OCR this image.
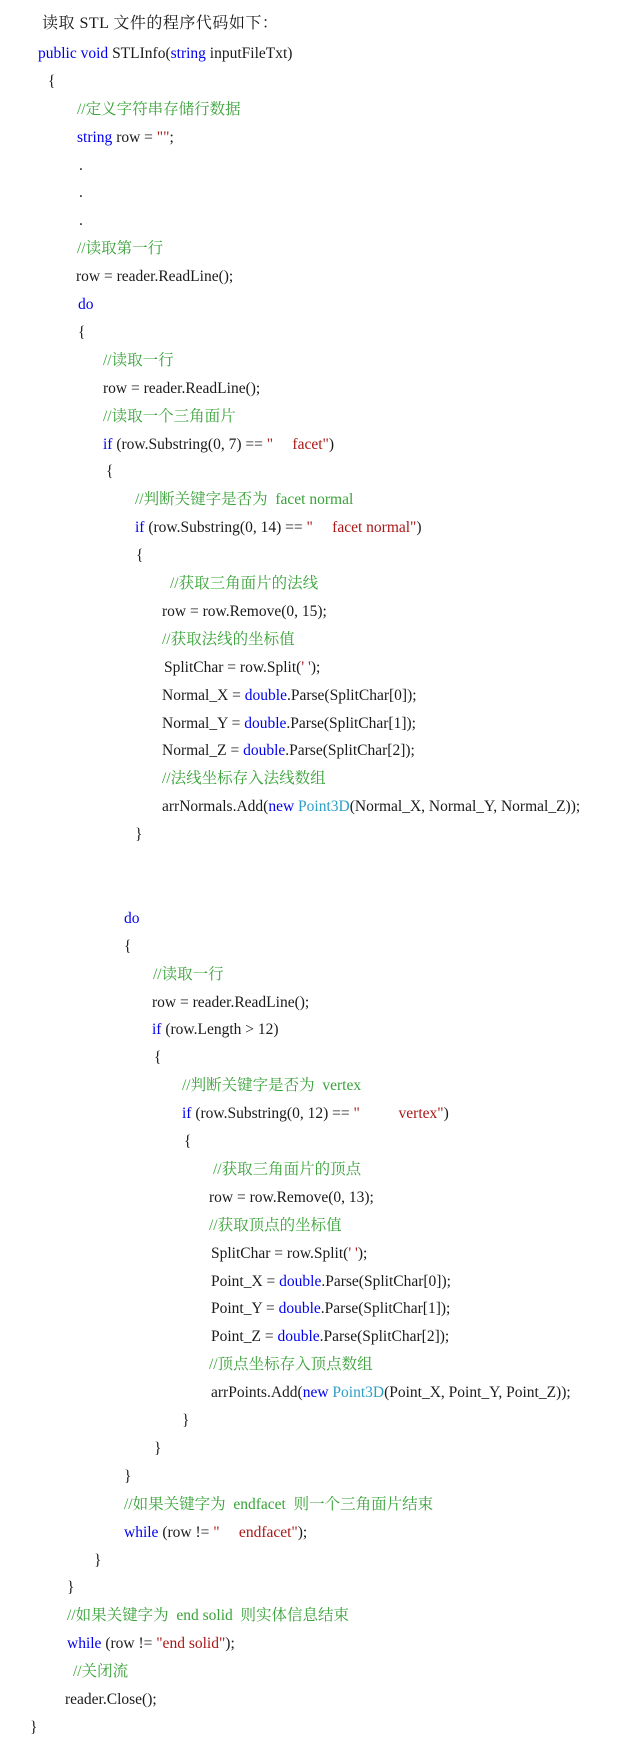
读取 STL 文件的程序代码如下：
public void STLInfo(string inputFileTxt)
{
//定义字符串存储行数据
string row = "";
.
.
.
//读取第一行
row = reader.ReadLine();
do
{
//读取一行
row = reader.ReadLine();
//读取一个三角面片
if (row.Substring(0, 7) == "     facet")
{
//判断关键字是否为  facet normal
if (row.Substring(0, 14) == "     facet normal")
{
//获取三角面片的法线
row = row.Remove(0, 15);
//获取法线的坐标值
SplitChar = row.Split(' ');
Normal_X = double.Parse(SplitChar[0]);
Normal_Y = double.Parse(SplitChar[1]);
Normal_Z = double.Parse(SplitChar[2]);
//法线坐标存入法线数组
arrNormals.Add(new Point3D(Normal_X, Normal_Y, Normal_Z));
}
do
{
//读取一行
row = reader.ReadLine();
if (row.Length > 12)
{
//判断关键字是否为  vertex
if (row.Substring(0, 12) == "          vertex")
{
//获取三角面片的顶点
row = row.Remove(0, 13);
//获取顶点的坐标值
SplitChar = row.Split(' ');
Point_X = double.Parse(SplitChar[0]);
Point_Y = double.Parse(SplitChar[1]);
Point_Z = double.Parse(SplitChar[2]);
//顶点坐标存入顶点数组
arrPoints.Add(new Point3D(Point_X, Point_Y, Point_Z));
}
}
}
//如果关键字为  endfacet  则一个三角面片结束
while (row != "     endfacet");
}
}
//如果关键字为  end solid  则实体信息结束
while (row != "end solid");
//关闭流
reader.Close();
}
